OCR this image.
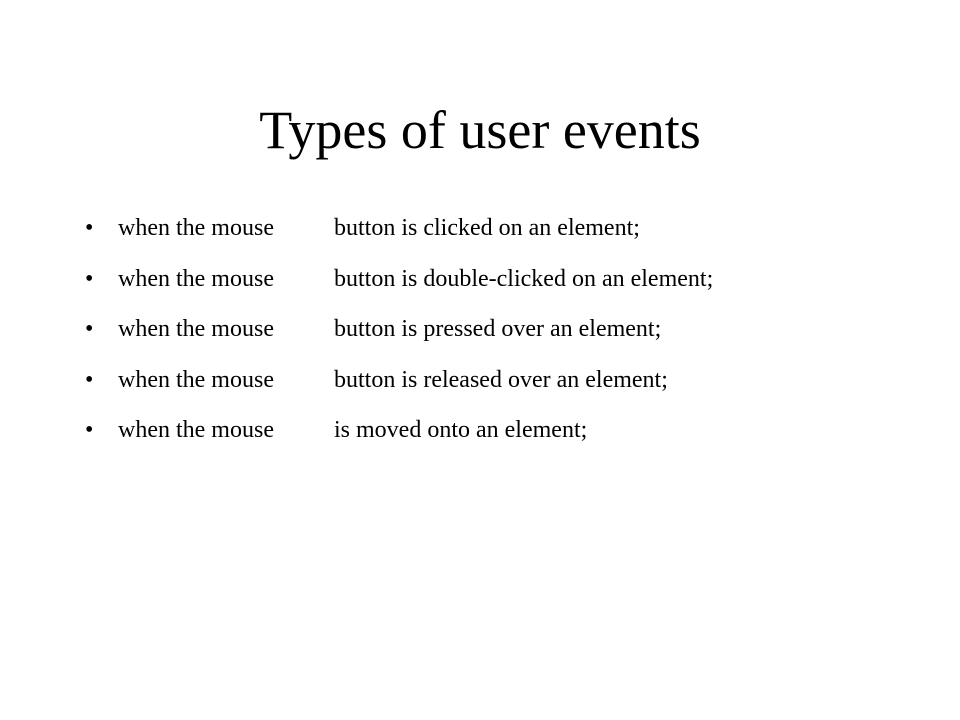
Types of user events
•	when the mouse	button is clicked on an element;
•	when the mouse	button is double-clicked on an element;
•	when the mouse	button is pressed over an element;
•	when the mouse	button is released over an element;
•	when the mouse	is moved onto an element;
